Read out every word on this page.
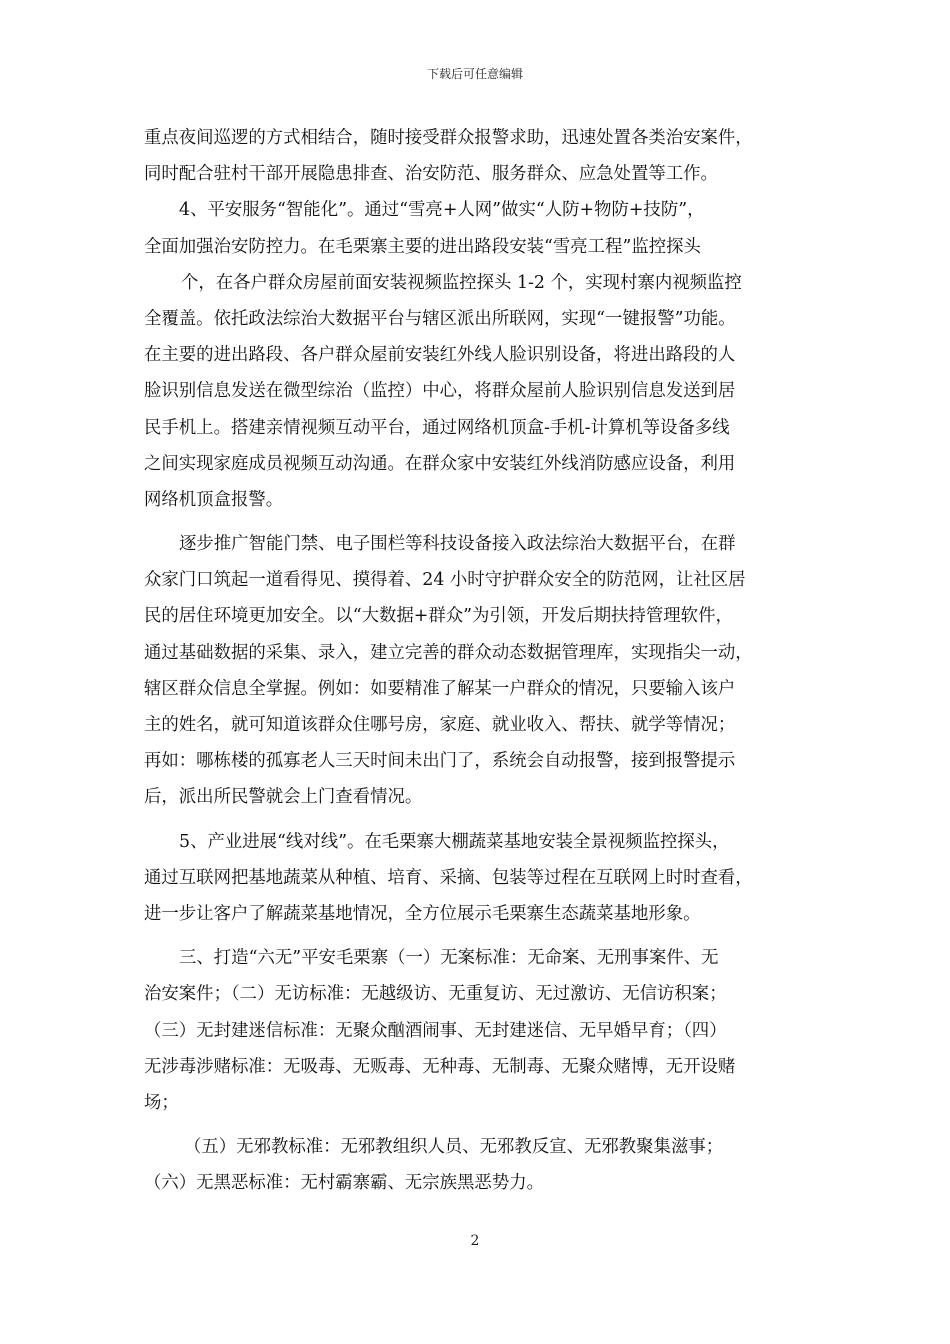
下载后可任意编辑
重点夜间巡逻的方式相结合，随时接受群众报警求助，迅速处置各类治安案件，
同时配合驻村干部开展隐患排查、治安防范、服务群众、应急处置等工作。
4、平安服务“智能化”。通过“雪亮+人网”做实“人防+物防+技防”，
全面加强治安防控力。在毛栗寨主要的进出路段安装“雪亮工程”监控探头
个，在各户群众房屋前面安装视频监控探头 1-2 个，实现村寨内视频监控
全覆盖。依托政法综治大数据平台与辖区派出所联网，实现“一键报警”功能。
在主要的进出路段、各户群众屋前安装红外线人脸识别设备，将进出路段的人
脸识别信息发送在微型综治（监控）中心，将群众屋前人脸识别信息发送到居
民手机上。搭建亲情视频互动平台，通过网络机顶盒-手机-计算机等设备多线
之间实现家庭成员视频互动沟通。在群众家中安装红外线消防感应设备，利用
网络机顶盒报警。
逐步推广智能门禁、电子围栏等科技设备接入政法综治大数据平台，在群
众家门口筑起一道看得见、摸得着、24 小时守护群众安全的防范网，让社区居
民的居住环境更加安全。以“大数据+群众”为引领，开发后期扶持管理软件，
通过基础数据的采集、录入，建立完善的群众动态数据管理库，实现指尖一动，
辖区群众信息全掌握。例如：如要精准了解某一户群众的情况，只要输入该户
主的姓名，就可知道该群众住哪号房，家庭、就业收入、帮扶、就学等情况；
再如：哪栋楼的孤寡老人三天时间未出门了，系统会自动报警，接到报警提示
后，派出所民警就会上门查看情况。
5、产业进展“线对线”。在毛栗寨大棚蔬菜基地安装全景视频监控探头，
通过互联网把基地蔬菜从种植、培育、采摘、包装等过程在互联网上时时查看，
进一步让客户了解蔬菜基地情况，全方位展示毛栗寨生态蔬菜基地形象。
三、打造“六无”平安毛栗寨（一）无案标准：无命案、无刑事案件、无
治安案件；（二）无访标准：无越级访、无重复访、无过激访、无信访积案；
（三）无封建迷信标准：无聚众酗酒闹事、无封建迷信、无早婚早育；（四）
无涉毒涉赌标准：无吸毒、无贩毒、无种毒、无制毒、无聚众赌博，无开设赌
场；
（五）无邪教标准：无邪教组织人员、无邪教反宣、无邪教聚集滋事；
（六）无黑恶标准：无村霸寨霸、无宗族黑恶势力。
2
